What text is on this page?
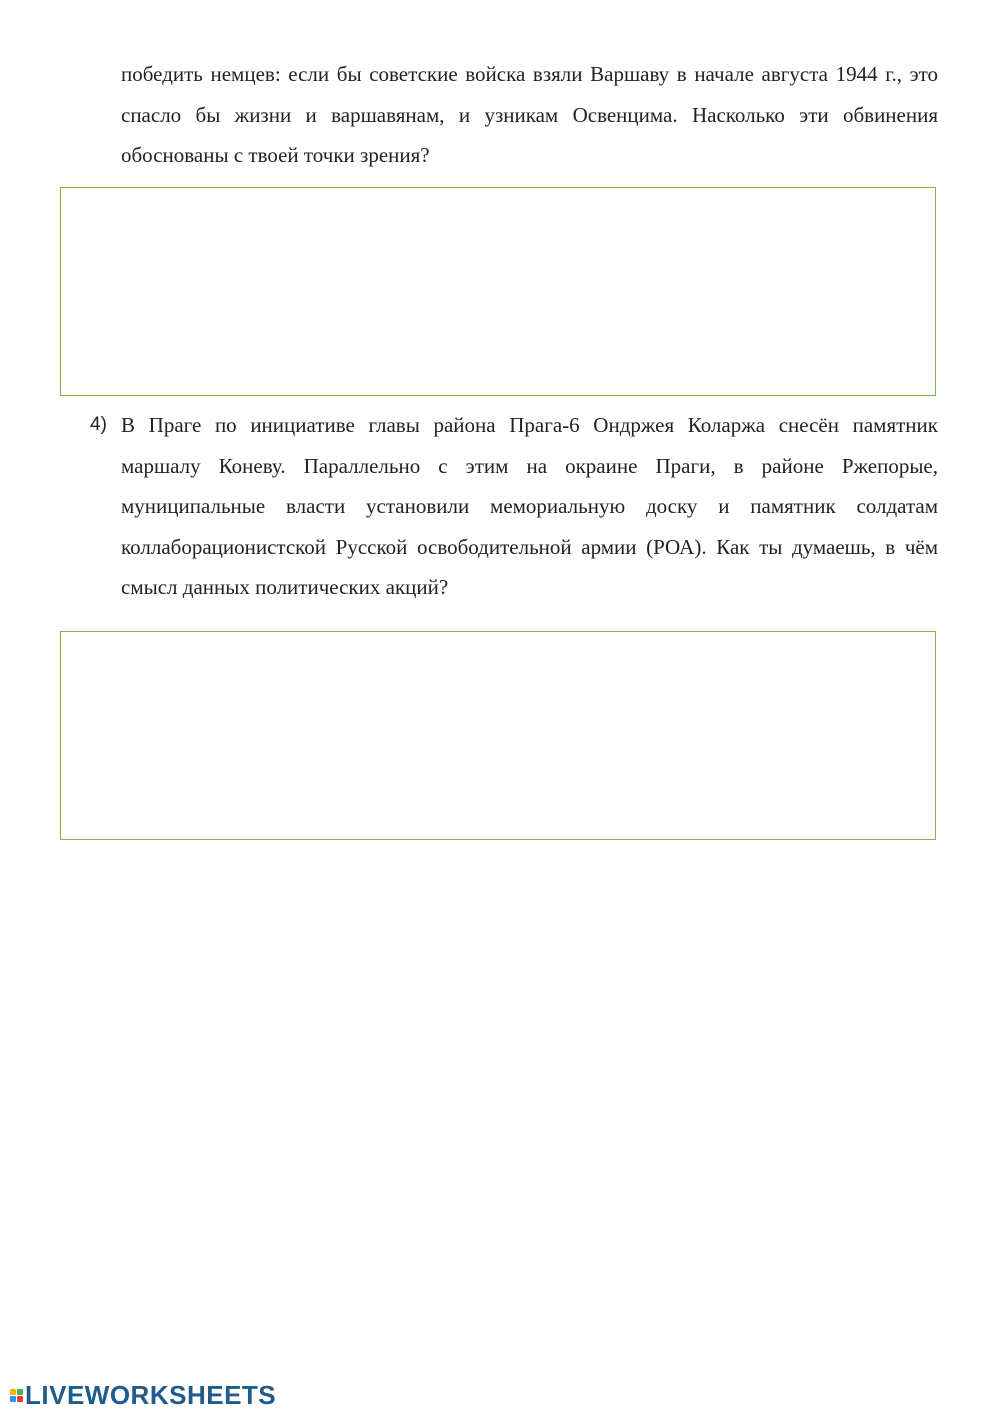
победить немцев: если бы советские войска взяли Варшаву в начале августа 1944 г., это спасло бы жизни и варшавянам, и узникам Освенцима. Насколько эти обвинения обоснованы с твоей точки зрения?

4) В Праге по инициативе главы района Прага-6 Ондржея Коларжа снесён памятник маршалу Коневу. Параллельно с этим на окраине Праги, в районе Ржепорые, муниципальные власти установили мемориальную доску и памятник солдатам коллаборационистской Русской освободительной армии (РОА). Как ты думаешь, в чём смысл данных политических акций?

LIVEWORKSHEETS
